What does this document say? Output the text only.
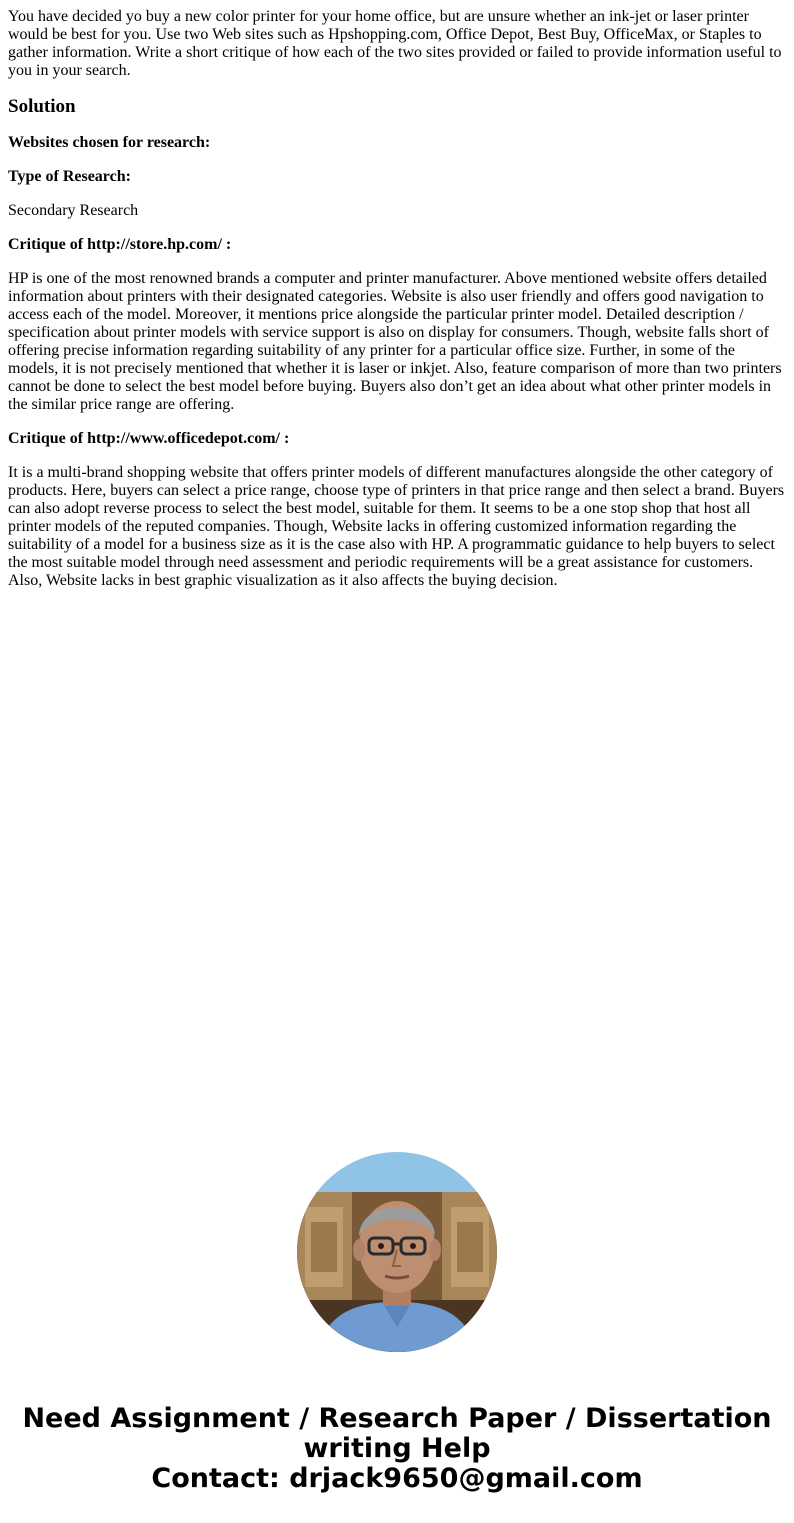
You have decided yo buy a new color printer for your home office, but are unsure whether an ink-jet or laser printer would be best for you. Use two Web sites such as Hpshopping.com, Office Depot, Best Buy, OfficeMax, or Staples to gather information. Write a short critique of how each of the two sites provided or failed to provide information useful to you in your search.

Solution

Websites chosen for research:

Type of Research:

Secondary Research

Critique of http://store.hp.com/ :

HP is one of the most renowned brands a computer and printer manufacturer. Above mentioned website offers detailed information about printers with their designated categories. Website is also user friendly and offers good navigation to access each of the model. Moreover, it mentions price alongside the particular printer model. Detailed description / specification about printer models with service support is also on display for consumers. Though, website falls short of offering precise information regarding suitability of any printer for a particular office size. Further, in some of the models, it is not precisely mentioned that whether it is laser or inkjet. Also, feature comparison of more than two printers cannot be done to select the best model before buying. Buyers also don’t get an idea about what other printer models in the similar price range are offering.

Critique of http://www.officedepot.com/ :

It is a multi-brand shopping website that offers printer models of different manufactures alongside the other category of products. Here, buyers can select a price range, choose type of printers in that price range and then select a brand. Buyers can also adopt reverse process to select the best model, suitable for them. It seems to be a one stop shop that host all printer models of the reputed companies. Though, Website lacks in offering customized information regarding the suitability of a model for a business size as it is the case also with HP. A programmatic guidance to help buyers to select the most suitable model through need assessment and periodic requirements will be a great assistance for customers. Also, Website lacks in best graphic visualization as it also affects the buying decision.

Need Assignment / Research Paper / Dissertation
writing Help
Contact: drjack9650@gmail.com
